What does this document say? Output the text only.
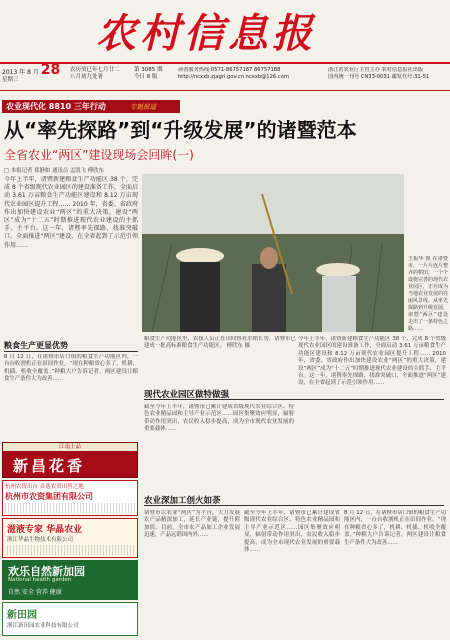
农村信息报
2013 年 8 月 28
星期三
农历癸巳年七月廿二
八月初九处暑
第 3085 期
今日 8 版
读者服务热线:0571-86757187 86757188
http://ncxxb.zjagri.gov.cn ncxxb@126.com
浙江省农业厅主管主办 农村信息报社出版
国内统一刊号 CN33-0031 邮发代号:31-51
农业现代化 8810 三年行动	专题报道
从“率先探路”到“升级发展”的诸暨范本
全省农业“两区”建设现场会回眸(一)
□ 本报记者 郑静如 通讯员 孟凯飞 傅欣东
今年上半年，诸暨新建粮食生产功能区 38 个，完成 8 个省级现代农业园区的建设准备工作，全面启动 3.61 万亩粮食生产功能区建设和 8.12 万亩现代农业园区提升工程…… 2010 年，省委、省政府作出加快建设农业“两区”的重大决策，建设“两区”成为“十二五”时期推进现代农业建设的主抓手、主平台。这一年，诸暨率先探路，找准突破口，全面推进“两区”建设，在全省起到了示范引领作用……
王振华 摄 在诸暨市，一片片连片整齐的稻田，一个个设施完善的现代农业园区，正在成为当地农业发展的亮丽风景线。从率先探路到升级发展，诸暨“两区”建设走出了一条特色之路……
粮食生产更显优势
8 月 12 日，在诸暨市店口镇的粮食生产功能区内，一台台收割机正在田间作业。“现在种粮省心多了，机耕、机插、机收全覆盖。”种粮大户告诉记者，两区建设让粮食生产条件大为改善……
粮食生产功能区里，农技人员正在田间察看水稻长势。诸暨市已建成一批高标准粮食生产功能区。 傅欣东 摄
现代农业园区做特做强
截至今年上半年，诸暨市已累计建成省级现代农业综合区、特色农业精品园和主导产业示范区……园区集聚效应明显，辐射带动作用突出，农民收入稳步提高，成为全市现代农业发展的重要载体……
今年上半年，诸暨新建粮食生产功能区 38 个，完成 8 个省级现代农业园区的建设准备工作，全面启动 3.61 万亩粮食生产功能区建设和 8.12 万亩现代农业园区提升工程…… 2010 年，省委、省政府作出加快建设农业“两区”的重大决策，建设“两区”成为“十二五”时期推进现代农业建设的主抓手、主平台。这一年，诸暨率先探路，找准突破口，全面推进“两区”建设，在全省起到了示范引领作用……
农业深加工创火如荼
诸暨市以农业“两区”为平台，大力发展农产品精深加工，延长产业链，提升附加值。目前，全市农产品加工企业发展迅速，产品远销国内外……
截至今年上半年，诸暨市已累计建成省级现代农业综合区、特色农业精品园和主导产业示范区……园区集聚效应明显，辐射带动作用突出，农民收入稳步提高，成为全市现代农业发展的重要载体……
8 月 12 日，在诸暨市店口镇的粮食生产功能区内，一台台收割机正在田间作业。“现在种粮省心多了，机耕、机插、机收全覆盖。”种粮大户告诉记者，两区建设让粮食生产条件大为改善……
江南上品
新昌花香
杭州农资出台 首选农资出售之地
杭州市农资集团有限公司
滋液专家 华晶农业
浙江华晶生物技术有限公司
欢乐自然新加园
National health garden
自然 安全 营养 健康
新田园
浙江新田园农业科技有限公司
